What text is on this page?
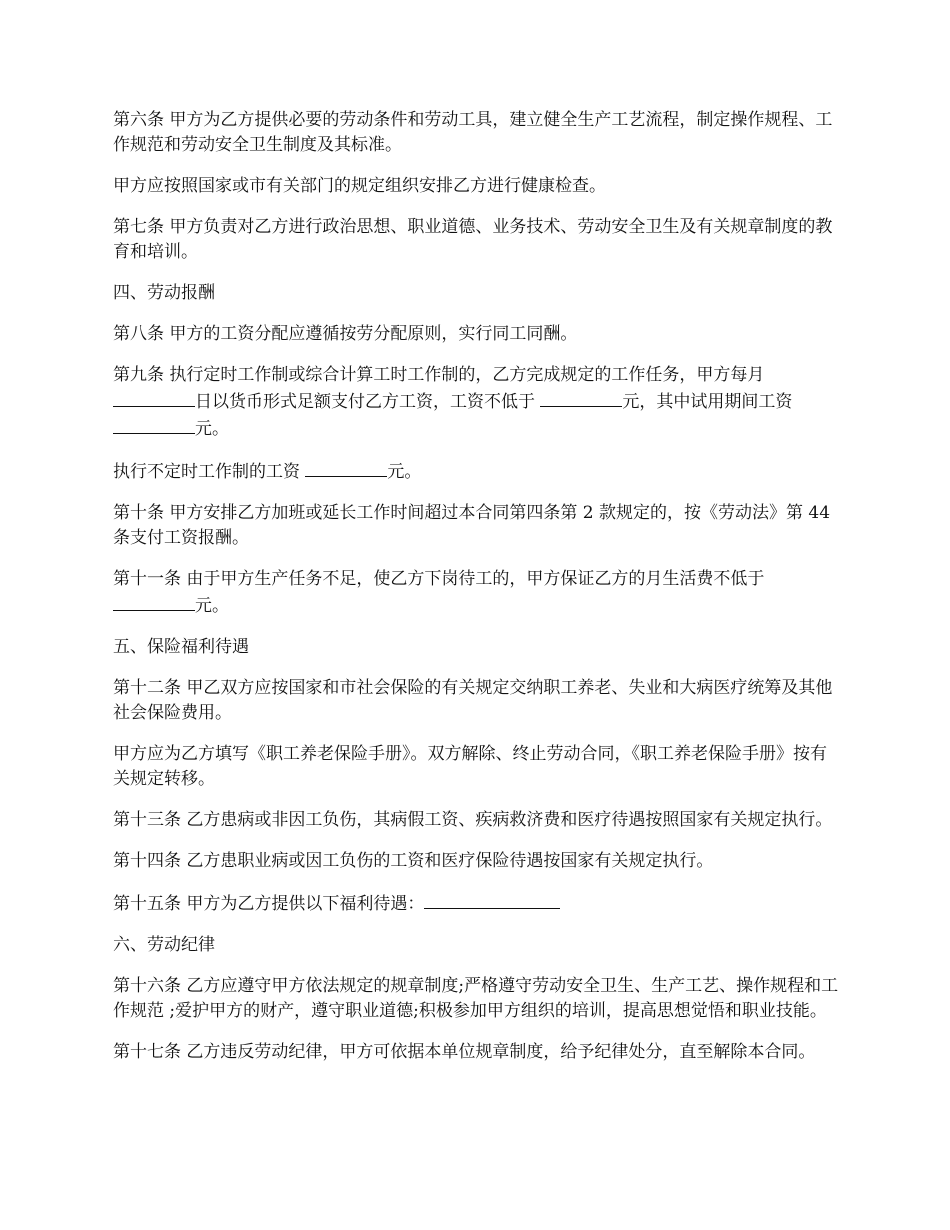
第六条 甲方为乙方提供必要的劳动条件和劳动工具，建立健全生产工艺流程，制定操作规程、工作规范和劳动安全卫生制度及其标准。

甲方应按照国家或市有关部门的规定组织安排乙方进行健康检查。

第七条 甲方负责对乙方进行政治思想、职业道德、业务技术、劳动安全卫生及有关规章制度的教育和培训。

四、劳动报酬

第八条 甲方的工资分配应遵循按劳分配原则，实行同工同酬。

第九条 执行定时工作制或综合计算工时工作制的，乙方完成规定的工作任务，甲方每月日以货币形式足额支付乙方工资，工资不低于	元，其中试用期间工资 元。

执行不定时工作制的工资	元。

第十条 甲方安排乙方加班或延长工作时间超过本合同第四条第 2 款规定的，按《劳动法》第 44 条支付工资报酬。

第十一条 由于甲方生产任务不足，使乙方下岗待工的，甲方保证乙方的月生活费不低于元。

五、保险福利待遇

第十二条 甲乙双方应按国家和市社会保险的有关规定交纳职工养老、失业和大病医疗统筹及其他社会保险费用。

甲方应为乙方填写《职工养老保险手册》。双方解除、终止劳动合同，《职工养老保险手册》按有关规定转移。

第十三条 乙方患病或非因工负伤，其病假工资、疾病救济费和医疗待遇按照国家有关规定执行。

第十四条 乙方患职业病或因工负伤的工资和医疗保险待遇按国家有关规定执行。

第十五条 甲方为乙方提供以下福利待遇：

六、劳动纪律

第十六条 乙方应遵守甲方依法规定的规章制度;严格遵守劳动安全卫生、生产工艺、操作规程和工作规范 ;爱护甲方的财产，遵守职业道德;积极参加甲方组织的培训，提高思想觉悟和职业技能。

第十七条 乙方违反劳动纪律，甲方可依据本单位规章制度，给予纪律处分，直至解除本合同。
